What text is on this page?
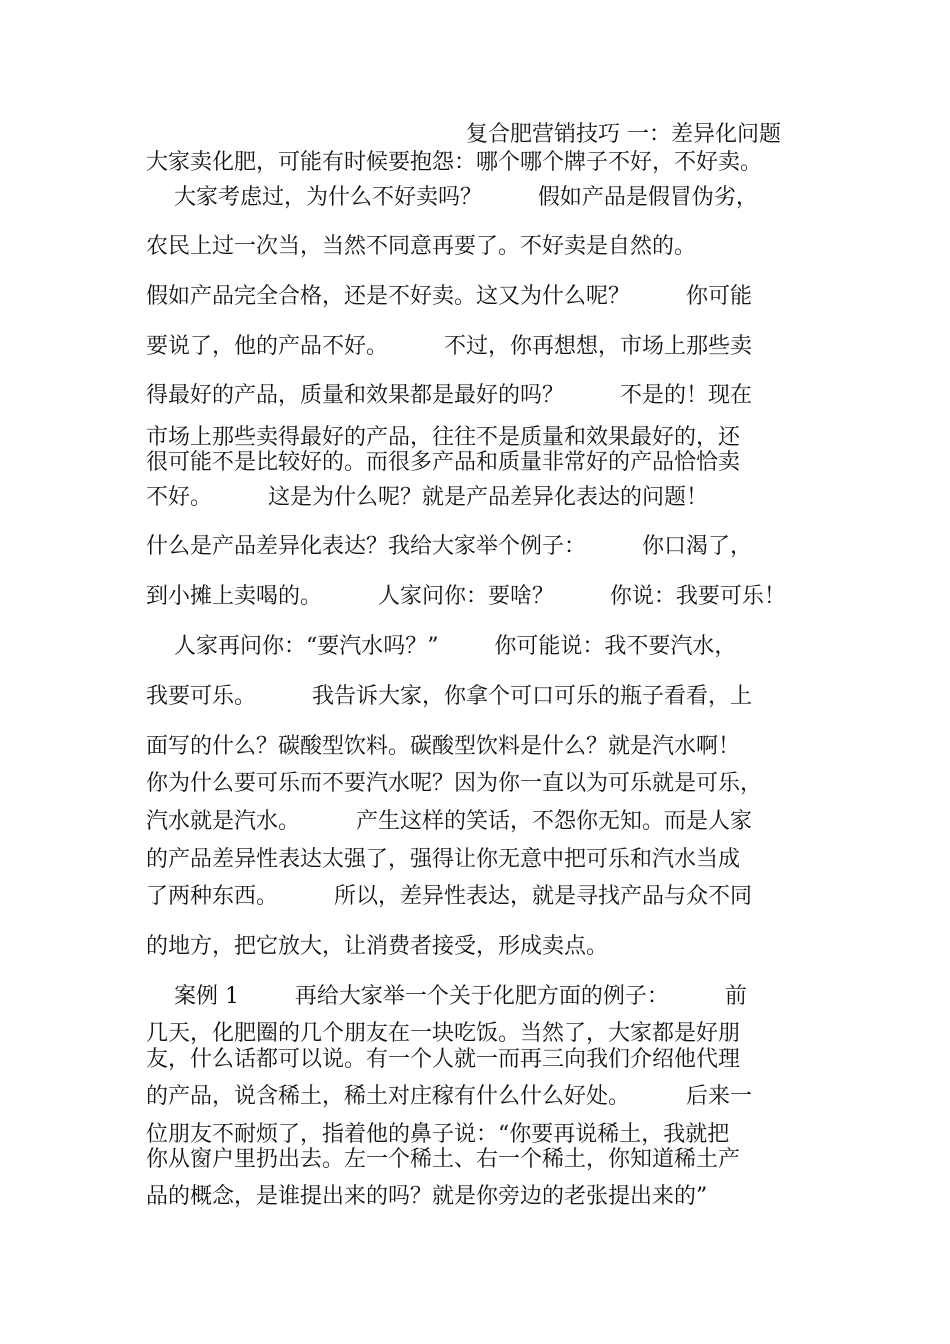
复合肥营销技巧 一：差异化问题
大家卖化肥，可能有时候要抱怨：哪个哪个牌子不好，不好卖。
大家考虑过，为什么不好卖吗？        假如产品是假冒伪劣，
农民上过一次当，当然不同意再要了。不好卖是自然的。
假如产品完全合格，还是不好卖。这又为什么呢？        你可能
要说了，他的产品不好。        不过，你再想想，市场上那些卖
得最好的产品，质量和效果都是最好的吗？        不是的！现在
市场上那些卖得最好的产品，往往不是质量和效果最好的，还
很可能不是比较好的。而很多产品和质量非常好的产品恰恰卖
不好。        这是为什么呢？就是产品差异化表达的问题！
什么是产品差异化表达？我给大家举个例子：        你口渴了，
到小摊上卖喝的。        人家问你：要啥？        你说：我要可乐！
人家再问你：“要汽水吗？”        你可能说：我不要汽水，
我要可乐。        我告诉大家，你拿个可口可乐的瓶子看看，上
面写的什么？碳酸型饮料。碳酸型饮料是什么？就是汽水啊！
你为什么要可乐而不要汽水呢？因为你一直以为可乐就是可乐，
汽水就是汽水。        产生这样的笑话，不怨你无知。而是人家
的产品差异性表达太强了，强得让你无意中把可乐和汽水当成
了两种东西。        所以，差异性表达，就是寻找产品与众不同
的地方，把它放大，让消费者接受，形成卖点。
案例 1        再给大家举一个关于化肥方面的例子：        前
几天，化肥圈的几个朋友在一块吃饭。当然了，大家都是好朋
友，什么话都可以说。有一个人就一而再三向我们介绍他代理
的产品，说含稀土，稀土对庄稼有什么什么好处。        后来一
位朋友不耐烦了，指着他的鼻子说：“你要再说稀土，我就把
你从窗户里扔出去。左一个稀土、右一个稀土，你知道稀土产
品的概念，是谁提出来的吗？就是你旁边的老张提出来的”
